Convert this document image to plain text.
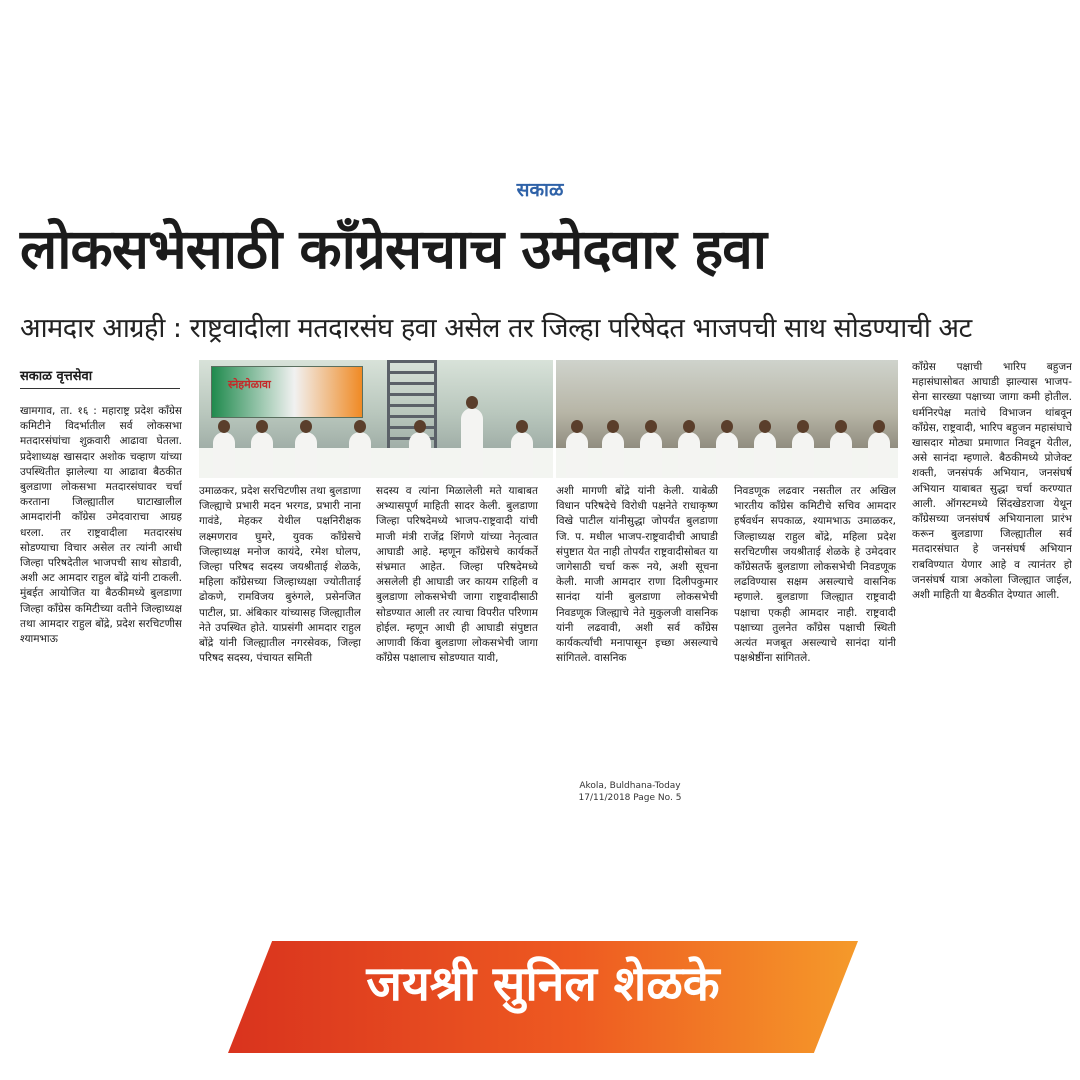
सकाळ
लोकसभेसाठी कॉंग्रेसचाच उमेदवार हवा
आमदार आग्रही : राष्ट्रवादीला मतदारसंघ हवा असेल तर जिल्हा परिषेदत भाजपची साथ सोडण्याची अट
सकाळ वृत्तसेवा
स्नेहमेळावा
खामगाव, ता. १६ : महाराष्ट्र प्रदेश काँग्रेस कमिटीने विदर्भातील सर्व लोकसभा मतदारसंघांचा शुक्रवारी आढावा घेतला. प्रदेशाध्यक्ष खासदार अशोक चव्हाण यांच्या उपस्थितीत झालेल्या या आढावा बैठकीत बुलडाणा लोकसभा मतदारसंघावर चर्चा करताना जिल्ह्यातील घाटाखालील आमदारांनी काँग्रेस उमेदवाराचा आग्रह धरला. तर राष्ट्रवादीला मतदारसंघ सोडण्याचा विचार असेल तर त्यांनी आधी जिल्हा परिषदेतील भाजपची साथ सोडावी, अशी अट आमदार राहुल बोंद्रे यांनी टाकली. मुंबईत आयोजित या बैठकीमध्ये बुलडाणा जिल्हा काँग्रेस कमिटीच्या वतीने जिल्हाध्यक्ष तथा आमदार राहुल बोंद्रे, प्रदेश सरचिटणीस श्यामभाऊ
उमाळकर, प्रदेश सरचिटणीस तथा बुलडाणा जिल्ह्याचे प्रभारी मदन भरगड, प्रभारी नाना गावंडे, मेहकर येथील पक्षनिरीक्षक लक्ष्मणराव घुमरे, युवक काँग्रेसचे जिल्हाध्यक्ष मनोज कायंदे, रमेश घोलप, जिल्हा परिषद सदस्य जयश्रीताई शेळके, महिला काँग्रेसच्या जिल्हाध्यक्षा ज्योतीताई ढोकणे, रामविजय बुरुंगले, प्रसेनजित पाटील, प्रा. अंबिकार यांच्यासह जिल्ह्यातील नेते उपस्थित होते. याप्रसंगी आमदार राहुल बोंद्रे यांनी जिल्ह्यातील नगरसेवक, जिल्हा परिषद सदस्य, पंचायत समिती
सदस्य व त्यांना मिळालेली मते याबाबत अभ्यासपूर्ण माहिती सादर केली. बुलडाणा जिल्हा परिषदेमध्ये भाजप-राष्ट्रवादी यांची माजी मंत्री राजेंद्र शिंगणे यांच्या नेतृत्वात आघाडी आहे. म्हणून काँग्रेसचे कार्यकर्ते संभ्रमात आहेत. जिल्हा परिषदेमध्ये असलेली ही आघाडी जर कायम राहिली व बुलडाणा लोकसभेची जागा राष्ट्रवादीसाठी सोडण्यात आली तर त्याचा विपरीत परिणाम होईल. म्हणून आधी ही आघाडी संपुष्टात आणावी किंवा बुलडाणा लोकसभेची जागा काँग्रेस पक्षालाच सोडण्यात यावी,
अशी मागणी बोंद्रे यांनी केली. याबेळी विधान परिषदेचे विरोधी पक्षनेते राधाकृष्ण विखे पाटील यांनीसुद्धा जोपर्यंत बुलडाणा जि. प. मधील भाजप-राष्ट्रवादीची आघाडी संपुष्टात येत नाही तोपर्यंत राष्ट्रवादीसोबत या जागेसाठी चर्चा करू नये, अशी सूचना केली. माजी आमदार राणा दिलीपकुमार सानंदा यांनी बुलडाणा लोकसभेची निवडणूक जिल्ह्याचे नेते मुकुलजी वासनिक यांनी लढवावी, अशी सर्व काँग्रेस कार्यकर्त्यांची मनापासून इच्छा असल्याचे सांगितले. वासनिक
निवडणूक लढवार नसतील तर अखिल भारतीय काँग्रेस कमिटीचे सचिव आमदार हर्षवर्धन सपकाळ, श्यामभाऊ उमाळकर, जिल्हाध्यक्ष राहुल बोंद्रे, महिला प्रदेश सरचिटणीस जयश्रीताई शेळके हे उमेदवार काँग्रेसतर्फे बुलडाणा लोकसभेची निवडणूक लढविण्यास सक्षम असल्याचे वासनिक म्हणाले. बुलडाणा जिल्ह्यात राष्ट्रवादी पक्षाचा एकही आमदार नाही. राष्ट्रवादी पक्षाच्या तुलनेत काँग्रेस पक्षाची स्थिती अत्यंत मजबूत असल्याचे सानंदा यांनी पक्षश्रेष्ठींना सांगितले.
काँग्रेस पक्षाची भारिप बहुजन महासंघासोबत आघाडी झाल्यास भाजप-सेना सारख्या पक्षाच्या जागा कमी होतील. धर्मनिरपेक्ष मतांचे विभाजन थांबवून काँग्रेस, राष्ट्रवादी, भारिप बहुजन महासंघाचे खासदार मोठ्या प्रमाणात निवडून येतील, असे सानंदा म्हणाले. बैठकीमध्ये प्रोजेक्ट शक्ती, जनसंपर्क अभियान, जनसंघर्ष अभियान याबाबत सुद्धा चर्चा करण्यात आली. ऑगस्टमध्ये सिंदखेडराजा येथून काँग्रेसच्या जनसंघर्ष अभियानाला प्रारंभ करून बुलडाणा जिल्ह्यातील सर्व मतदारसंघात हे जनसंघर्ष अभियान राबविण्यात येणार आहे व त्यानंतर हो जनसंघर्ष यात्रा अकोला जिल्ह्यात जाईल, अशी माहिती या बैठकीत देण्यात आली.
Akola, Buldhana-Today
17/11/2018 Page No. 5
जयश्री सुनिल शेळके
